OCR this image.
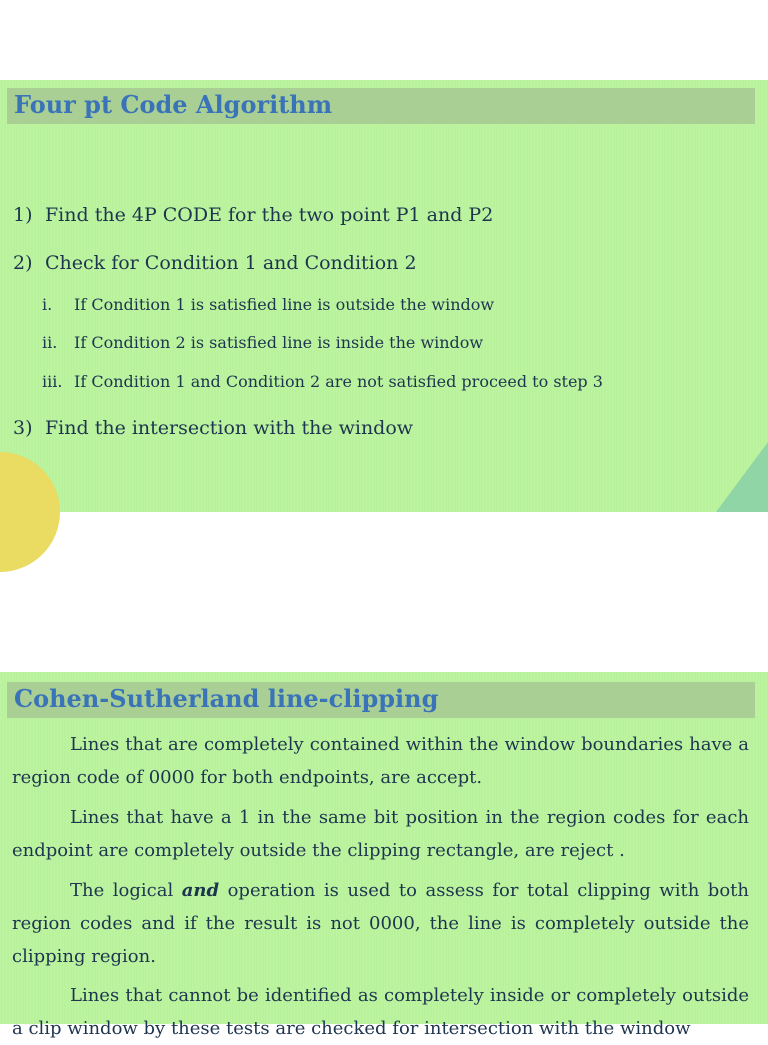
Four pt Code Algorithm
1) Find the 4P CODE for the two point P1 and P2
2) Check for Condition 1 and Condition 2
i. If Condition 1 is satisfied line is outside the window
ii. If Condition 2 is satisfied line is inside the window
iii. If Condition 1 and Condition 2 are not satisfied proceed to step 3
3) Find the intersection with the window
Cohen-Sutherland line-clipping

Lines that are completely contained within the window boundaries have a region code of 0000 for both endpoints, are accept.

Lines that have a 1 in the same bit position in the region codes for each endpoint are completely outside the clipping rectangle, are reject .

The logical and operation is used to assess for total clipping with both region codes and if the result is not 0000, the line is completely outside the clipping region.

Lines that cannot be identified as completely inside or completely outside a clip window by these tests are checked for intersection with the window
